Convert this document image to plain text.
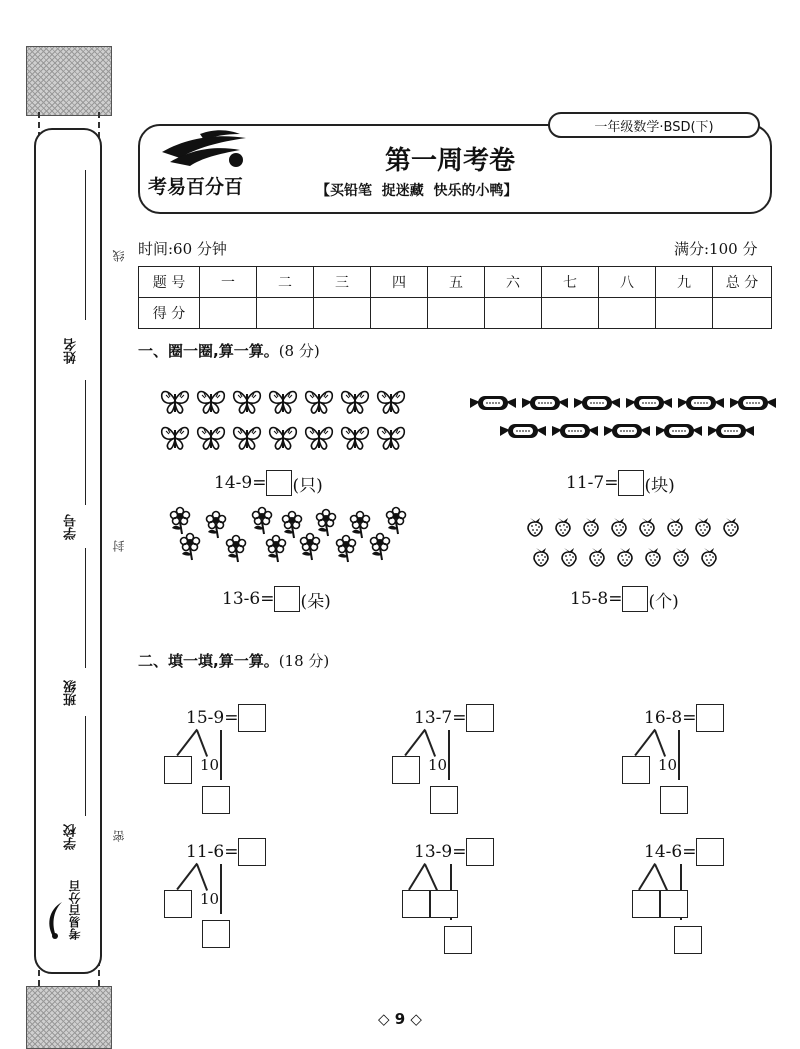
姓名
学号
班级
学校
考易百分百
线
封
密
一年级数学·BSD(下)
考易百分百
第一周考卷
【买铅笔  捉迷藏  快乐的小鸭】
时间:60 分钟	满分:100 分
题 号	一	二	三	四	五	六	七	八	九	总 分
得 分										
一、圈一圈,算一算。(8 分)
14-9= (只)	11-7= (块)
13-6= (朵)	15-8= (个)
二、填一填,算一算。(18 分)
15-9=
10
13-7=
10
16-8=
10
11-6=
10
13-9=	14-6=
◇ 9 ◇
